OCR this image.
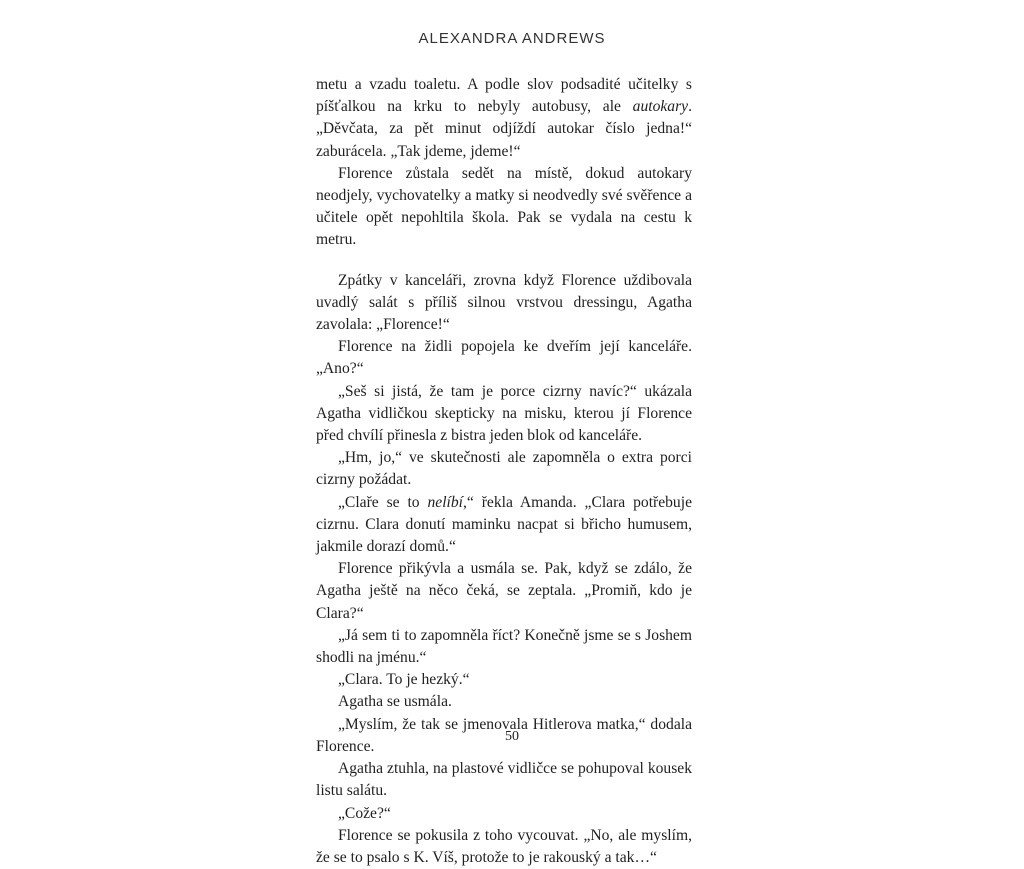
ALEXANDRA ANDREWS

metu a vzadu toaletu. A podle slov podsadité učitelky s píšťalkou na krku to nebyly autobusy, ale autokary. „Děvčata, za pět minut odjíždí autokar číslo jedna!“ zaburácela. „Tak jdeme, jdeme!“

Florence zůstala sedět na místě, dokud autokary neodjely, vychovatelky a matky si neodvedly své svěřence a učitele opět nepohltila škola. Pak se vydala na cestu k metru.

Zpátky v kanceláři, zrovna když Florence uždibovala uvadlý salát s příliš silnou vrstvou dressingu, Agatha zavolala: „Florence!“

Florence na židli popojela ke dveřím její kanceláře. „Ano?“

„Seš si jistá, že tam je porce cizrny navíc?“ ukázala Agatha vidličkou skepticky na misku, kterou jí Florence před chvílí přinesla z bistra jeden blok od kanceláře.

„Hm, jo,“ ve skutečnosti ale zapomněla o extra porci cizrny požádat.

„Claře se to nelíbí,“ řekla Amanda. „Clara potřebuje cizrnu. Clara donutí maminku nacpat si břicho humusem, jakmile dorazí domů.“

Florence přikývla a usmála se. Pak, když se zdálo, že Agatha ještě na něco čeká, se zeptala. „Promiň, kdo je Clara?“

„Já sem ti to zapomněla říct? Konečně jsme se s Joshem shodli na jménu.“

„Clara. To je hezký.“

Agatha se usmála.

„Myslím, že tak se jmenovala Hitlerova matka,“ dodala Florence.

Agatha ztuhla, na plastové vidličce se pohupoval kousek listu salátu.

„Cože?“

Florence se pokusila z toho vycouvat. „No, ale myslím, že se to psalo s K. Víš, protože to je rakouský a tak…“

50
